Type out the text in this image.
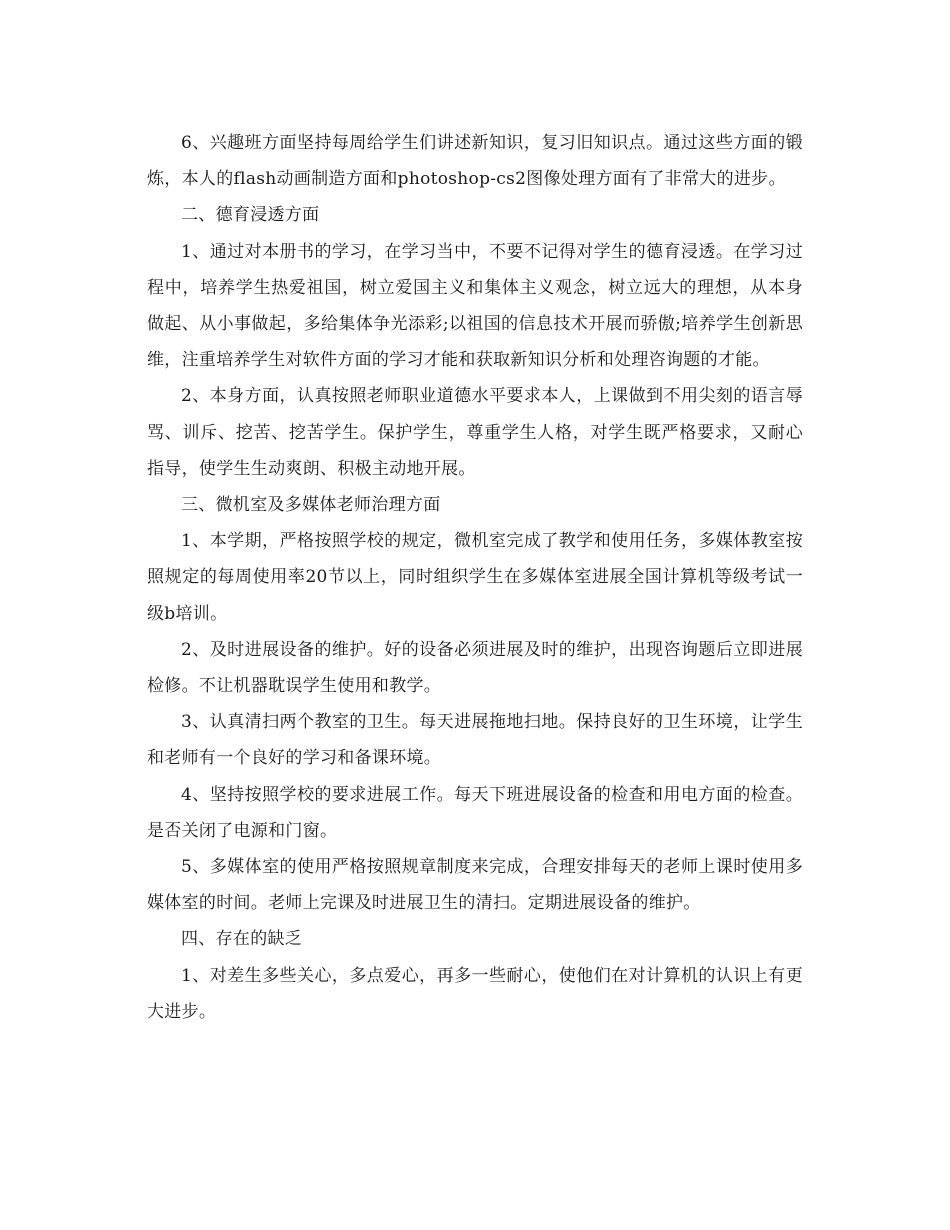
6、兴趣班方面坚持每周给学生们讲述新知识，复习旧知识点。通过这些方面的锻炼，本人的flash动画制造方面和photoshop-cs2图像处理方面有了非常大的进步。

二、德育浸透方面

1、通过对本册书的学习，在学习当中，不要不记得对学生的德育浸透。在学习过程中，培养学生热爱祖国，树立爱国主义和集体主义观念，树立远大的理想，从本身做起、从小事做起，多给集体争光添彩;以祖国的信息技术开展而骄傲;培养学生创新思维，注重培养学生对软件方面的学习才能和获取新知识分析和处理咨询题的才能。

2、本身方面，认真按照老师职业道德水平要求本人，上课做到不用尖刻的语言辱骂、训斥、挖苦、挖苦学生。保护学生，尊重学生人格，对学生既严格要求，又耐心指导，使学生生动爽朗、积极主动地开展。

三、微机室及多媒体老师治理方面

1、本学期，严格按照学校的规定，微机室完成了教学和使用任务，多媒体教室按照规定的每周使用率20节以上，同时组织学生在多媒体室进展全国计算机等级考试一级b培训。

2、及时进展设备的维护。好的设备必须进展及时的维护，出现咨询题后立即进展检修。不让机器耽误学生使用和教学。

3、认真清扫两个教室的卫生。每天进展拖地扫地。保持良好的卫生环境，让学生和老师有一个良好的学习和备课环境。

4、坚持按照学校的要求进展工作。每天下班进展设备的检查和用电方面的检查。是否关闭了电源和门窗。

5、多媒体室的使用严格按照规章制度来完成，合理安排每天的老师上课时使用多媒体室的时间。老师上完课及时进展卫生的清扫。定期进展设备的维护。

四、存在的缺乏

1、对差生多些关心，多点爱心，再多一些耐心，使他们在对计算机的认识上有更大进步。
